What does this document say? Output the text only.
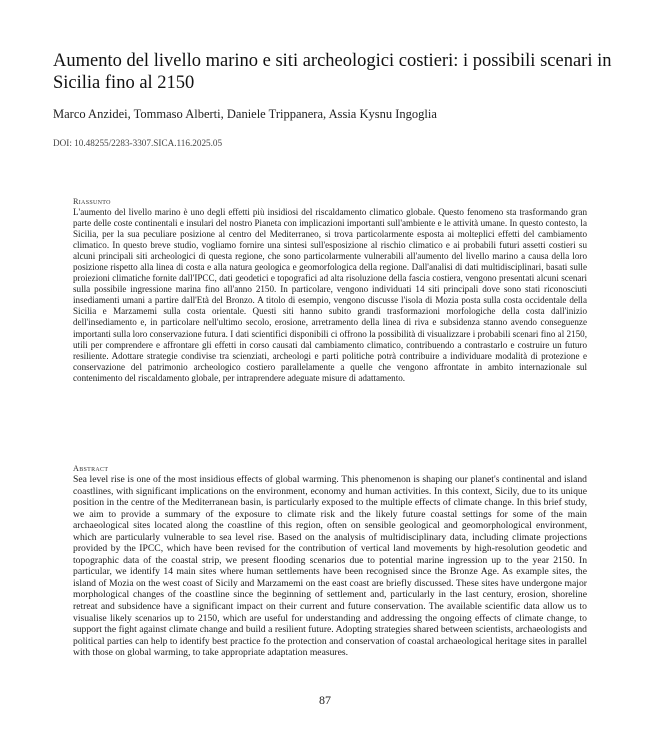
Aumento del livello marino e siti archeologici costieri: i possibili scenari in Sicilia fino al 2150

Marco Anzidei, Tommaso Alberti, Daniele Trippanera, Assia Kysnu Ingoglia

DOI: 10.48255/2283-3307.SICA.116.2025.05

Riassunto

L'aumento del livello marino è uno degli effetti più insidiosi del riscaldamento climatico globale. Questo fenomeno sta trasformando gran parte delle coste continentali e insulari del nostro Pianeta con implicazioni importanti sull'ambiente e le attività umane. In questo contesto, la Sicilia, per la sua peculiare posizione al centro del Mediterraneo, si trova particolarmente esposta ai molteplici effetti del cambiamento climatico. In questo breve studio, vogliamo fornire una sintesi sull'esposizione al rischio climatico e ai probabili futuri assetti costieri su alcuni principali siti archeologici di questa regione, che sono particolarmente vulnerabili all'aumento del livello marino a causa della loro posizione rispetto alla linea di costa e alla natura geologica e geomorfologica della regione. Dall'analisi di dati multidisciplinari, basati sulle proiezioni climatiche fornite dall'IPCC, dati geodetici e topografici ad alta risoluzione della fascia costiera, vengono presentati alcuni scenari sulla possibile ingressione marina fino all'anno 2150. In particolare, vengono individuati 14 siti principali dove sono stati riconosciuti insediamenti umani a partire dall'Età del Bronzo. A titolo di esempio, vengono discusse l'isola di Mozia posta sulla costa occidentale della Sicilia e Marzamemi sulla costa orientale. Questi siti hanno subito grandi trasformazioni morfologiche della costa dall'inizio dell'insediamento e, in particolare nell'ultimo secolo, erosione, arretramento della linea di riva e subsidenza stanno avendo conseguenze importanti sulla loro conservazione futura. I dati scientifici disponibili ci offrono la possibilità di visualizzare i probabili scenari fino al 2150, utili per comprendere e affrontare gli effetti in corso causati dal cambiamento climatico, contribuendo a contrastarlo e costruire un futuro resiliente. Adottare strategie condivise tra scienziati, archeologi e parti politiche potrà contribuire a individuare modalità di protezione e conservazione del patrimonio archeologico costiero parallelamente a quelle che vengono affrontate in ambito internazionale sul contenimento del riscaldamento globale, per intraprendere adeguate misure di adattamento.

Abstract

Sea level rise is one of the most insidious effects of global warming. This phenomenon is shaping our planet's continental and island coastlines, with significant implications on the environment, economy and human activities. In this context, Sicily, due to its unique position in the centre of the Mediterranean basin, is particularly exposed to the multiple effects of climate change. In this brief study, we aim to provide a summary of the exposure to climate risk and the likely future coastal settings for some of the main archaeological sites located along the coastline of this region, often on sensible geological and geomorphological environment, which are particularly vulnerable to sea level rise. Based on the analysis of multidisciplinary data, including climate projections provided by the IPCC, which have been revised for the contribution of vertical land movements by high-resolution geodetic and topographic data of the coastal strip, we present flooding scenarios due to potential marine ingression up to the year 2150. In particular, we identify 14 main sites where human settlements have been recognised since the Bronze Age. As example sites, the island of Mozia on the west coast of Sicily and Marzamemi on the east coast are briefly discussed. These sites have undergone major morphological changes of the coastline since the beginning of settlement and, particularly in the last century, erosion, shoreline retreat and subsidence have a significant impact on their current and future conservation. The available scientific data allow us to visualise likely scenarios up to 2150, which are useful for understanding and addressing the ongoing effects of climate change, to support the fight against climate change and build a resilient future. Adopting strategies shared between scientists, archaeologists and political parties can help to identify best practice fo the protection and conservation of coastal archaeological heritage sites in parallel with those on global warming, to take appropriate adaptation measures.

87
